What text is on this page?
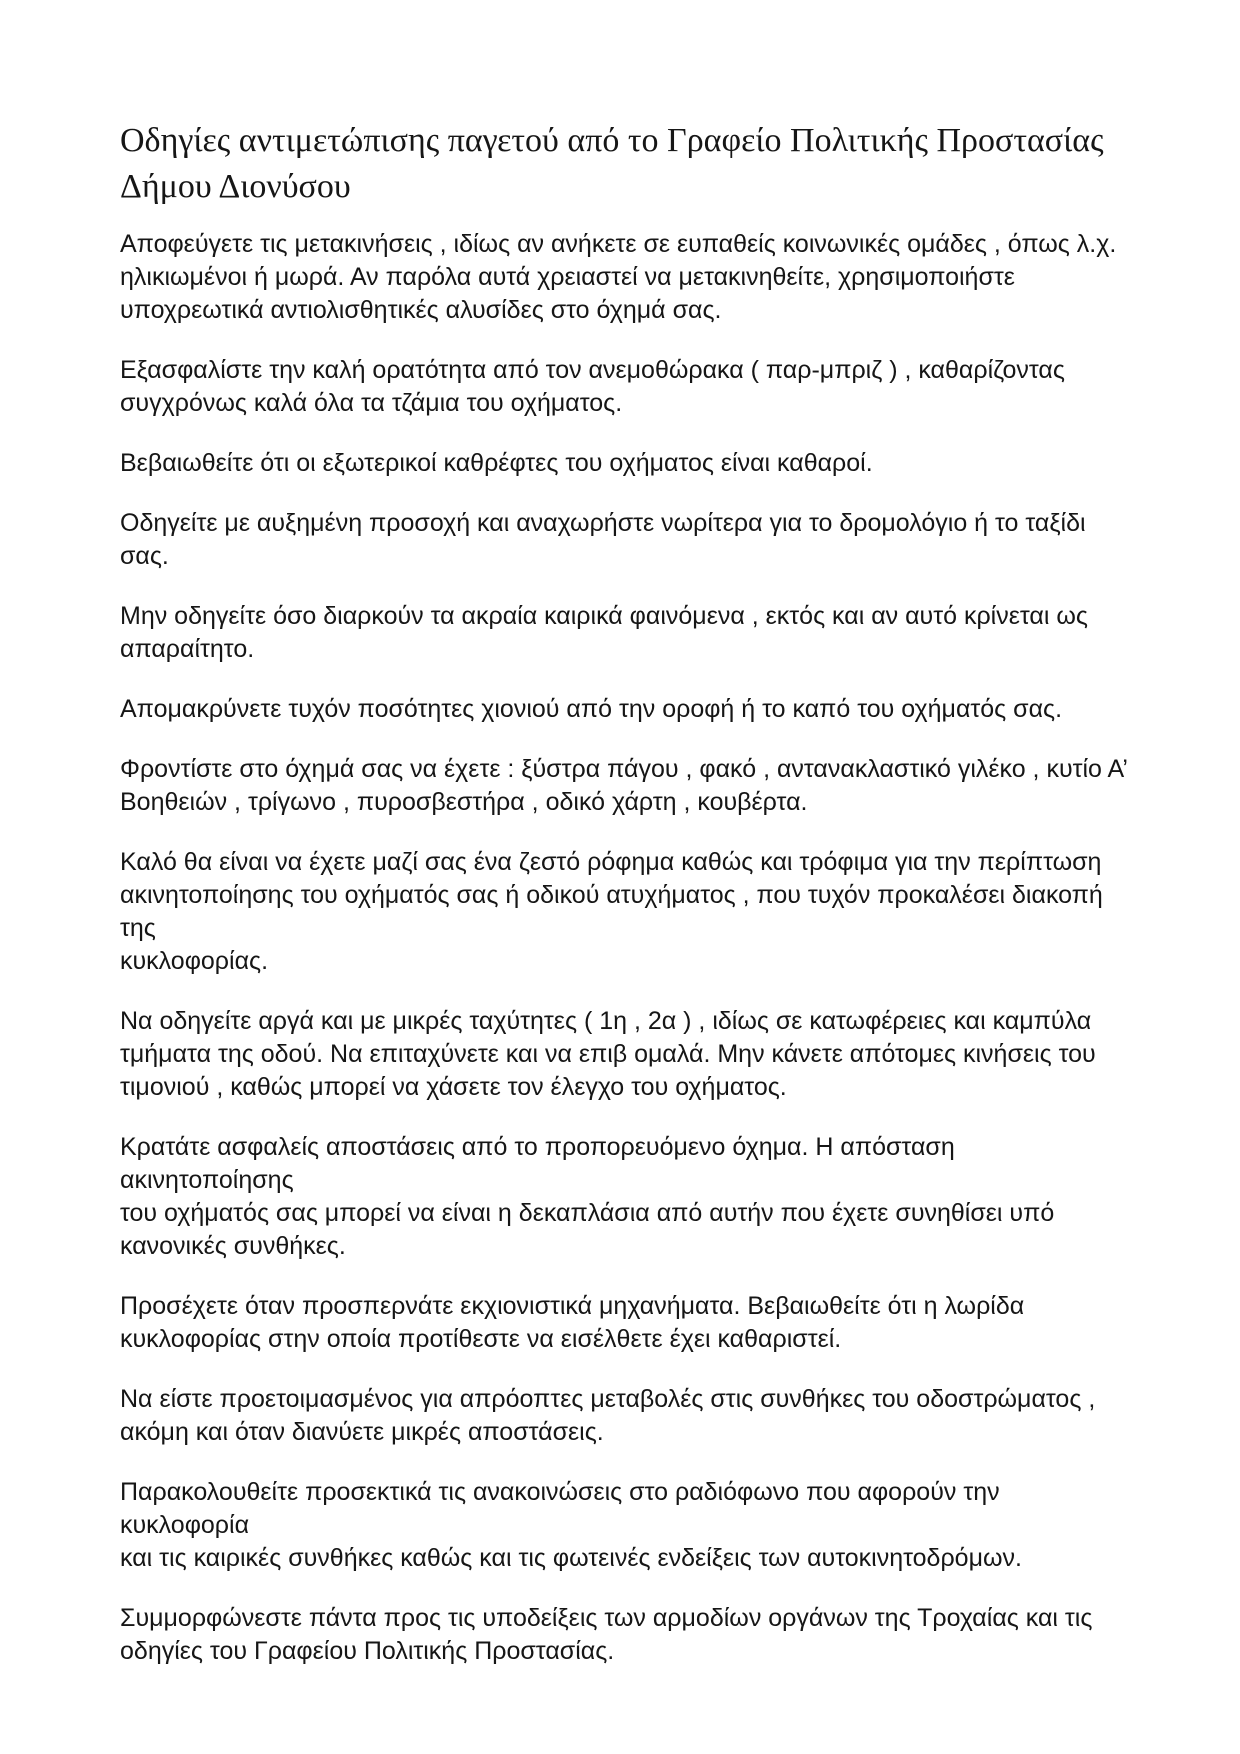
Οδηγίες αντιμετώπισης παγετού από το Γραφείο Πολιτικής Προστασίας Δήμου Διονύσου

Αποφεύγετε τις μετακινήσεις , ιδίως αν ανήκετε σε ευπαθείς κοινωνικές ομάδες , όπως λ.χ.
ηλικιωμένοι ή μωρά. Αν παρόλα αυτά χρειαστεί να μετακινηθείτε, χρησιμοποιήστε
υποχρεωτικά αντιολισθητικές αλυσίδες στο όχημά σας.

Εξασφαλίστε την καλή ορατότητα από τον ανεμοθώρακα ( παρ-μπριζ ) , καθαρίζοντας
συγχρόνως καλά όλα τα τζάμια του οχήματος.

Βεβαιωθείτε ότι οι εξωτερικοί καθρέφτες του οχήματος είναι καθαροί.

Οδηγείτε με αυξημένη προσοχή και αναχωρήστε νωρίτερα για το δρομολόγιο ή το ταξίδι σας.

Μην οδηγείτε όσο διαρκούν τα ακραία καιρικά φαινόμενα , εκτός και αν αυτό κρίνεται ως
απαραίτητο.

Απομακρύνετε τυχόν ποσότητες χιονιού από την οροφή ή το καπό του οχήματός σας.

Φροντίστε στο όχημά σας να έχετε : ξύστρα πάγου , φακό , αντανακλαστικό γιλέκο , κυτίο Α’
Βοηθειών , τρίγωνο , πυροσβεστήρα , οδικό χάρτη , κουβέρτα.

Καλό θα είναι να έχετε μαζί σας ένα ζεστό ρόφημα καθώς και τρόφιμα για την περίπτωση
ακινητοποίησης του οχήματός σας ή οδικού ατυχήματος , που τυχόν προκαλέσει διακοπή της
κυκλοφορίας.

Να οδηγείτε αργά και με μικρές ταχύτητες ( 1η , 2α ) , ιδίως σε κατωφέρειες και καμπύλα
τμήματα της οδού. Να επιταχύνετε και να επιβ ομαλά. Μην κάνετε απότομες κινήσεις του
τιμονιού , καθώς μπορεί να χάσετε τον έλεγχο του οχήματος.

Κρατάτε ασφαλείς αποστάσεις από το προπορευόμενο όχημα. Η απόσταση ακινητοποίησης
του οχήματός σας μπορεί να είναι η δεκαπλάσια από αυτήν που έχετε συνηθίσει υπό
κανονικές συνθήκες.

Προσέχετε όταν προσπερνάτε εκχιονιστικά μηχανήματα. Βεβαιωθείτε ότι η λωρίδα
κυκλοφορίας στην οποία προτίθεστε να εισέλθετε έχει καθαριστεί.

Να είστε προετοιμασμένος για απρόοπτες μεταβολές στις συνθήκες του οδοστρώματος ,
ακόμη και όταν διανύετε μικρές αποστάσεις.

Παρακολουθείτε προσεκτικά τις ανακοινώσεις στο ραδιόφωνο που αφορούν την κυκλοφορία
και τις καιρικές συνθήκες καθώς και τις φωτεινές ενδείξεις των αυτοκινητοδρόμων.

Συμμορφώνεστε πάντα προς τις υποδείξεις των αρμοδίων οργάνων της Τροχαίας και τις
οδηγίες του Γραφείου Πολιτικής Προστασίας.
